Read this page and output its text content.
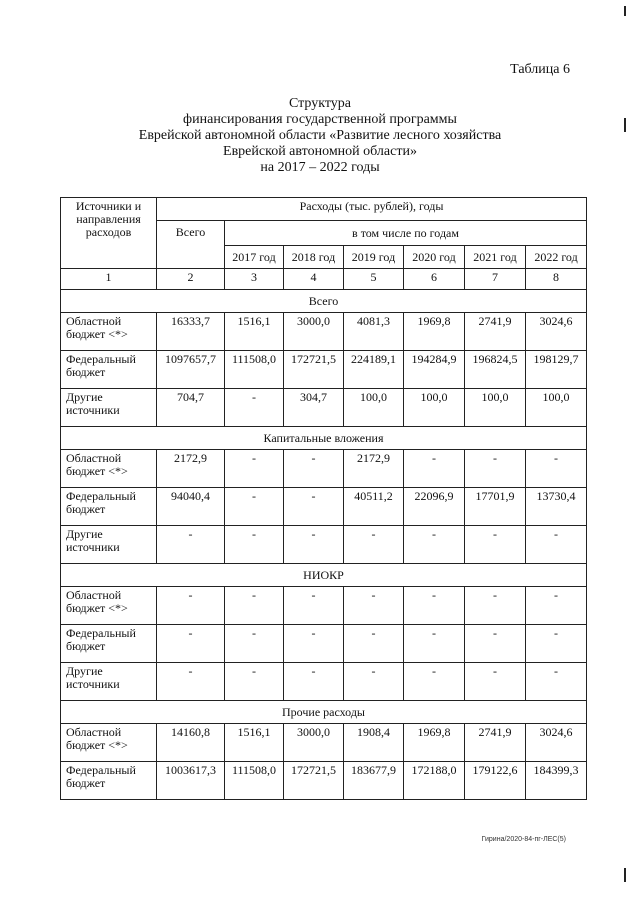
Таблица 6
Структура
финансирования государственной программы
Еврейской автономной области «Развитие лесного хозяйства
Еврейской автономной области»
на 2017 – 2022 годы
Источники и направления расходов	Расходы (тыс. рублей), годы						
	Всего	в том числе по годам					
		2017 год	2018 год	2019 год	2020 год	2021 год	2022 год
1	2	3	4	5	6	7	8
Всего							
Областной бюджет <*>	16333,7	1516,1	3000,0	4081,3	1969,8	2741,9	3024,6
Федеральный бюджет	1097657,7	111508,0	172721,5	224189,1	194284,9	196824,5	198129,7
Другие источники	704,7	-	304,7	100,0	100,0	100,0	100,0
Капитальные вложения							
Областной бюджет <*>	2172,9	-	-	2172,9	-	-	-
Федеральный бюджет	94040,4	-	-	40511,2	22096,9	17701,9	13730,4
Другие источники	-	-	-	-	-	-	-
НИОКР							
Областной бюджет <*>	-	-	-	-	-	-	-
Федеральный бюджет	-	-	-	-	-	-	-
Другие источники	-	-	-	-	-	-	-
Прочие расходы							
Областной бюджет <*>	14160,8	1516,1	3000,0	1908,4	1969,8	2741,9	3024,6
Федеральный бюджет	1003617,3	111508,0	172721,5	183677,9	172188,0	179122,6	184399,3
Гирина/2020-84-пг-ЛЕС(5)
